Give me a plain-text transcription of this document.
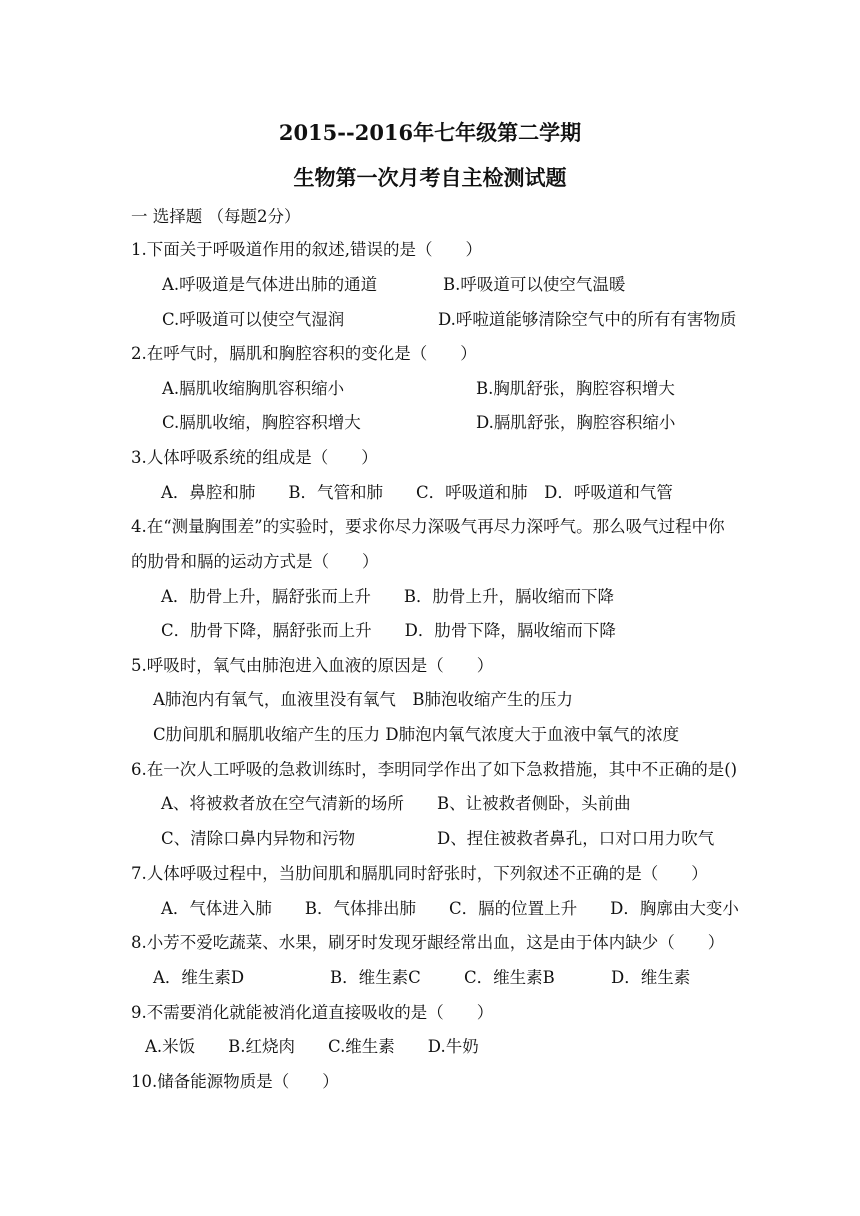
2015--2016年七年级第二学期
生物第一次月考自主检测试题
一 选择题 （每题2分）
1.下面关于呼吸道作用的叙述,错误的是（　　）
A.呼吸道是气体进出肺的通道	B.呼吸道可以使空气温暖
C.呼吸道可以使空气湿润	D.呼啦道能够清除空气中的所有有害物质
2.在呼气时，膈肌和胸腔容积的变化是（　　）
A.膈肌收缩胸肌容积缩小	B.胸肌舒张，胸腔容积增大
C.膈肌收缩，胸腔容积增大	D.膈肌舒张，胸腔容积缩小
3.人体呼吸系统的组成是（　　）
A．鼻腔和肺　　B．气管和肺　　C．呼吸道和肺　D．呼吸道和气管
4.在“测量胸围差”的实验时，要求你尽力深吸气再尽力深呼气。那么吸气过程中你
的肋骨和膈的运动方式是（　　）
A．肋骨上升，膈舒张而上升　　B．肋骨上升，膈收缩而下降
C．肋骨下降，膈舒张而上升　　D．肋骨下降，膈收缩而下降
5.呼吸时，氧气由肺泡进入血液的原因是（　　）
A肺泡内有氧气，血液里没有氧气　B肺泡收缩产生的压力
C肋间肌和膈肌收缩产生的压力 D肺泡内氧气浓度大于血液中氧气的浓度
6.在一次人工呼吸的急救训练时，李明同学作出了如下急救措施，其中不正确的是()
A、将被救者放在空气清新的场所 B、让被救者侧卧，头前曲
C、清除口鼻内异物和污物	D、捏住被救者鼻孔，口对口用力吹气
7.人体呼吸过程中，当肋间肌和膈肌同时舒张时，下列叙述不正确的是（　　）
A．气体进入肺　　B．气体排出肺　　C．膈的位置上升　　D．胸廓由大变小
8.小芳不爱吃蔬菜、水果，刷牙时发现牙龈经常出血，这是由于体内缺少（　　）
A．维生素D	B．维生素C	C．维生素B	D．维生素
9.不需要消化就能被消化道直接吸收的是（　　）
A.米饭　　B.红烧肉　　C.维生素　　D.牛奶
10.储备能源物质是（　　）
